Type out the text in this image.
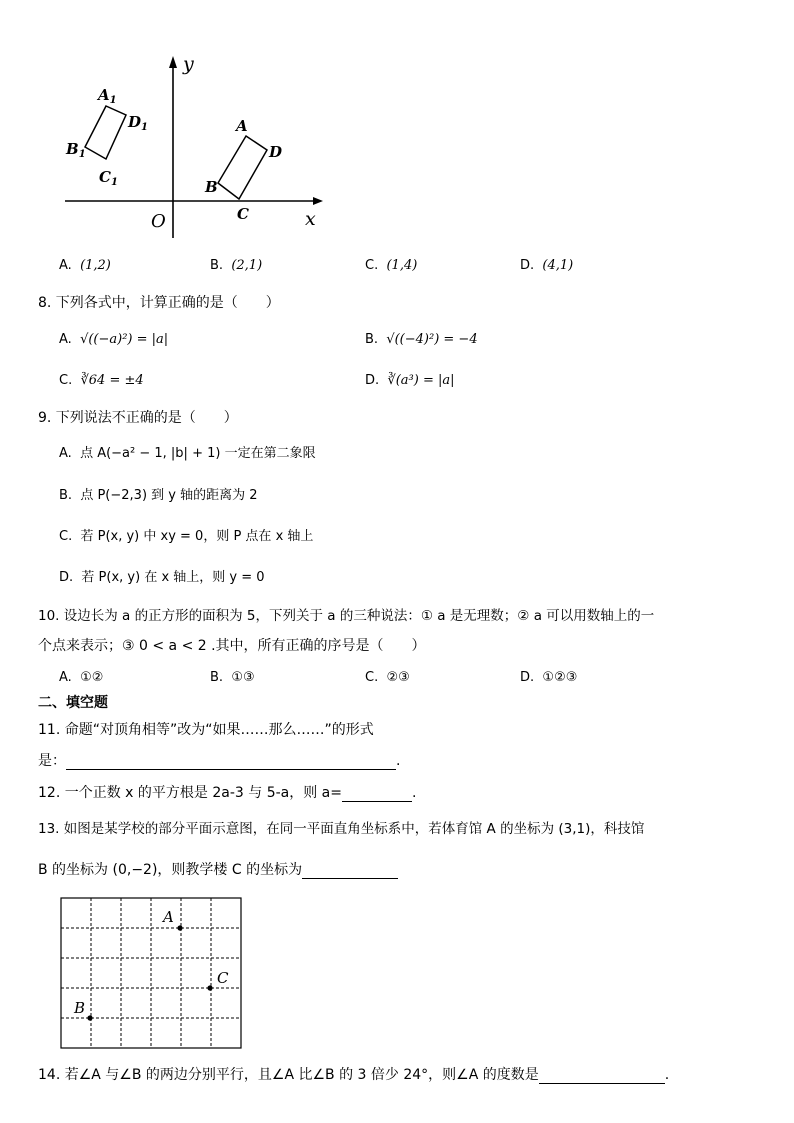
y
x
O
$A_1$
$D_1$
$B_1$
$C_1$
A
D
B
C
A. (1,2)	B. (2,1)	C. (1,4)	D. (4,1)
8. 下列各式中，计算正确的是（　　）
A. √((−a)²) = |a|	B. √((−4)²) = −4
C. ∛64 = ±4	D. ∛(a³) = |a|
9. 下列说法不正确的是（　　）
A. 点 A(−a² − 1, |b| + 1) 一定在第二象限
B. 点 P(−2,3) 到 y 轴的距离为 2
C. 若 P(x, y) 中 xy = 0，则 P 点在 x 轴上
D. 若 P(x, y) 在 x 轴上，则 y = 0
10. 设边长为 a 的正方形的面积为 5，下列关于 a 的三种说法：① a 是无理数；② a 可以用数轴上的一
个点来表示；③ 0 < a < 2 .其中，所有正确的序号是（　　）
A. ①②	B. ①③	C. ②③	D. ①②③
二、填空题
11. 命题“对顶角相等”改为“如果……那么……”的形式
是：	.
12. 一个正数 x 的平方根是 2a-3 与 5-a，则 a=	.
13. 如图是某学校的部分平面示意图，在同一平面直角坐标系中，若体育馆 A 的坐标为 (3,1)，科技馆
B 的坐标为 (0,−2)，则教学楼 C 的坐标为
A
C
B
14. 若∠A 与∠B 的两边分别平行，且∠A 比∠B 的 3 倍少 24°，则∠A 的度数是	.
